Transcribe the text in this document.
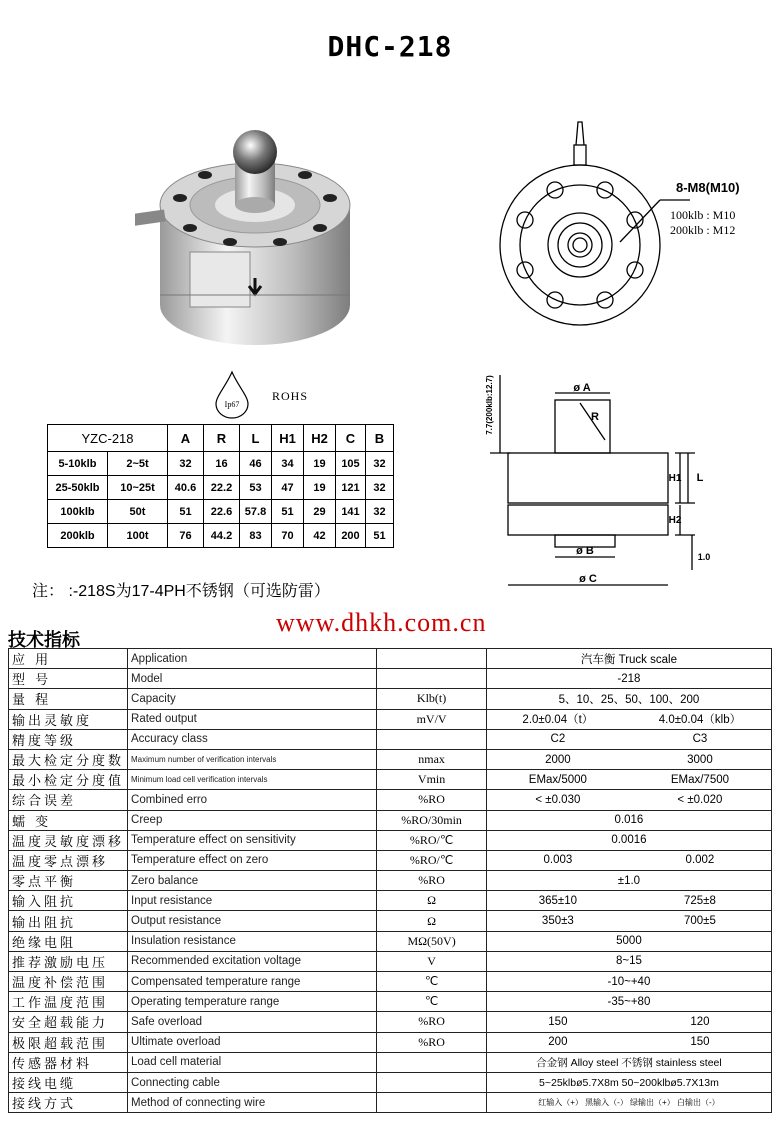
DHC-218
Ip67
ROHS
8-M8(M10)
100klb : M10
200klb : M12
ø A
R
ø B
ø C
H1 L
H2
1.0
7.7(200klb:12.7)
YZC-218		A	R	L	H1	H2	C	B
5-10klb	2~5t	32	16	46	34	19	105	32
25-50klb	10~25t	40.6	22.2	53	47	19	121	32
100klb	50t	51	22.6	57.8	51	29	141	32
200klb	100t	76	44.2	83	70	42	200	51
注： :-218S为17-4PH不锈钢（可选防雷）
www.dhkh.com.cn
技术指标
应 用	Application		汽车衡 Truck scale	
型 号	Model		-218	
量 程	Capacity	Klb(t)	5、10、25、50、100、200	
输出灵敏度	Rated output	mV/V	2.0±0.04（t）	4.0±0.04（klb）
精度等级	Accuracy class		C2	C3
最大检定分度数	Maximum number of verification intervals	nmax	2000	3000
最小检定分度值	Minimum load cell verification intervals	Vmin	EMax/5000	EMax/7500
综合误差	Combined erro	%RO	< ±0.030	< ±0.020
蠕 变	Creep	%RO/30min	0.016	
温度灵敏度漂移	Temperature effect on sensitivity	%RO/℃	0.0016	
温度零点漂移	Temperature effect on zero	%RO/℃	0.003	0.002
零点平衡	Zero balance	%RO	±1.0	
输入阻抗	Input resistance	Ω	365±10	725±8
输出阻抗	Output resistance	Ω	350±3	700±5
绝缘电阻	Insulation resistance	MΩ(50V)	5000	
推荐激励电压	Recommended excitation voltage	V	8~15	
温度补偿范围	Compensated temperature range	℃	-10~+40	
工作温度范围	Operating temperature range	℃	-35~+80	
安全超载能力	Safe overload	%RO	150	120
极限超载范围	Ultimate overload	%RO	200	150
传感器材料	Load cell material		合金钢 Alloy steel 不锈钢 stainless steel	
接线电缆	Connecting cable		5~25klbø5.7X8m 50~200klbø5.7X13m	
接线方式	Method of connecting wire		红输入（+） 黑输入（-） 绿输出（+） 白输出（-）	
